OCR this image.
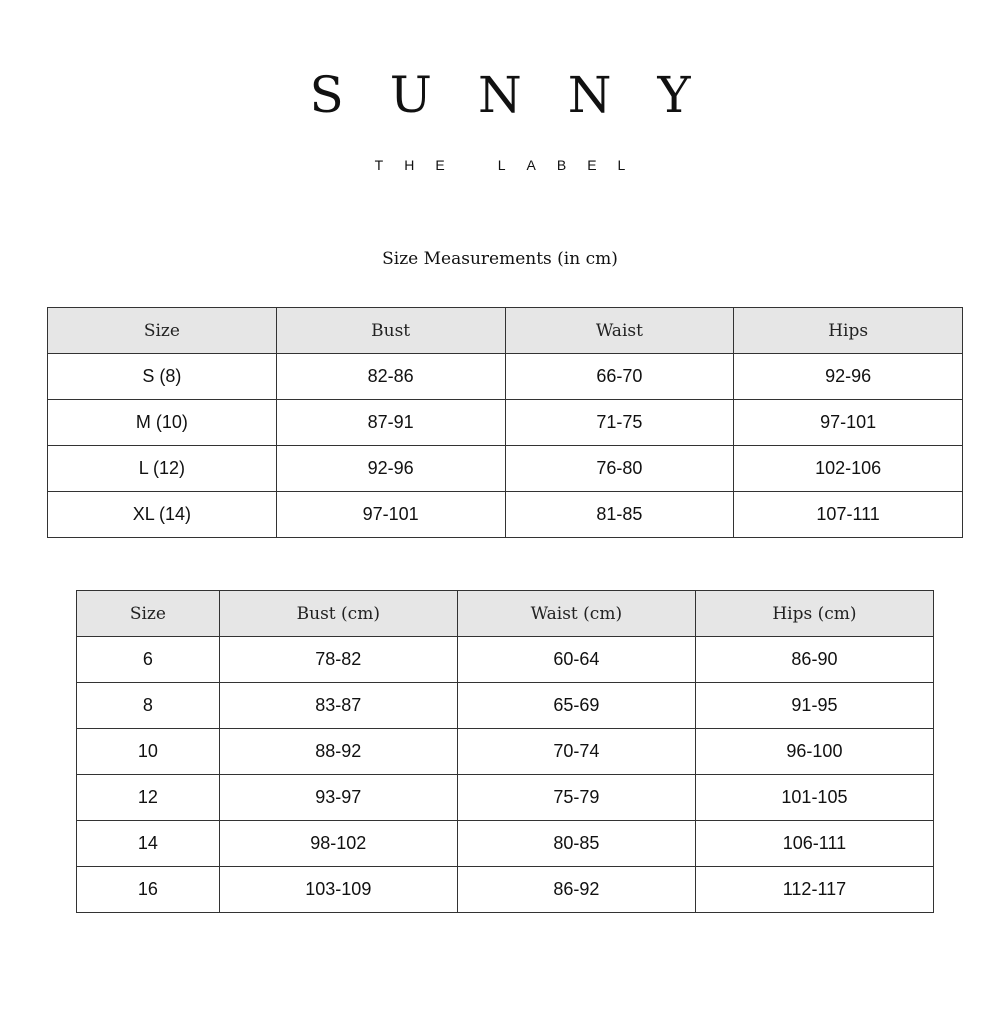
SUNNY
THE LABEL
Size Measurements (in cm)
Size	Bust	Waist	Hips
S (8)	82-86	66-70	92-96
M (10)	87-91	71-75	97-101
L (12)	92-96	76-80	102-106
XL (14)	97-101	81-85	107-111
Size	Bust (cm)	Waist (cm)	Hips (cm)
6	78-82	60-64	86-90
8	83-87	65-69	91-95
10	88-92	70-74	96-100
12	93-97	75-79	101-105
14	98-102	80-85	106-111
16	103-109	86-92	112-117
